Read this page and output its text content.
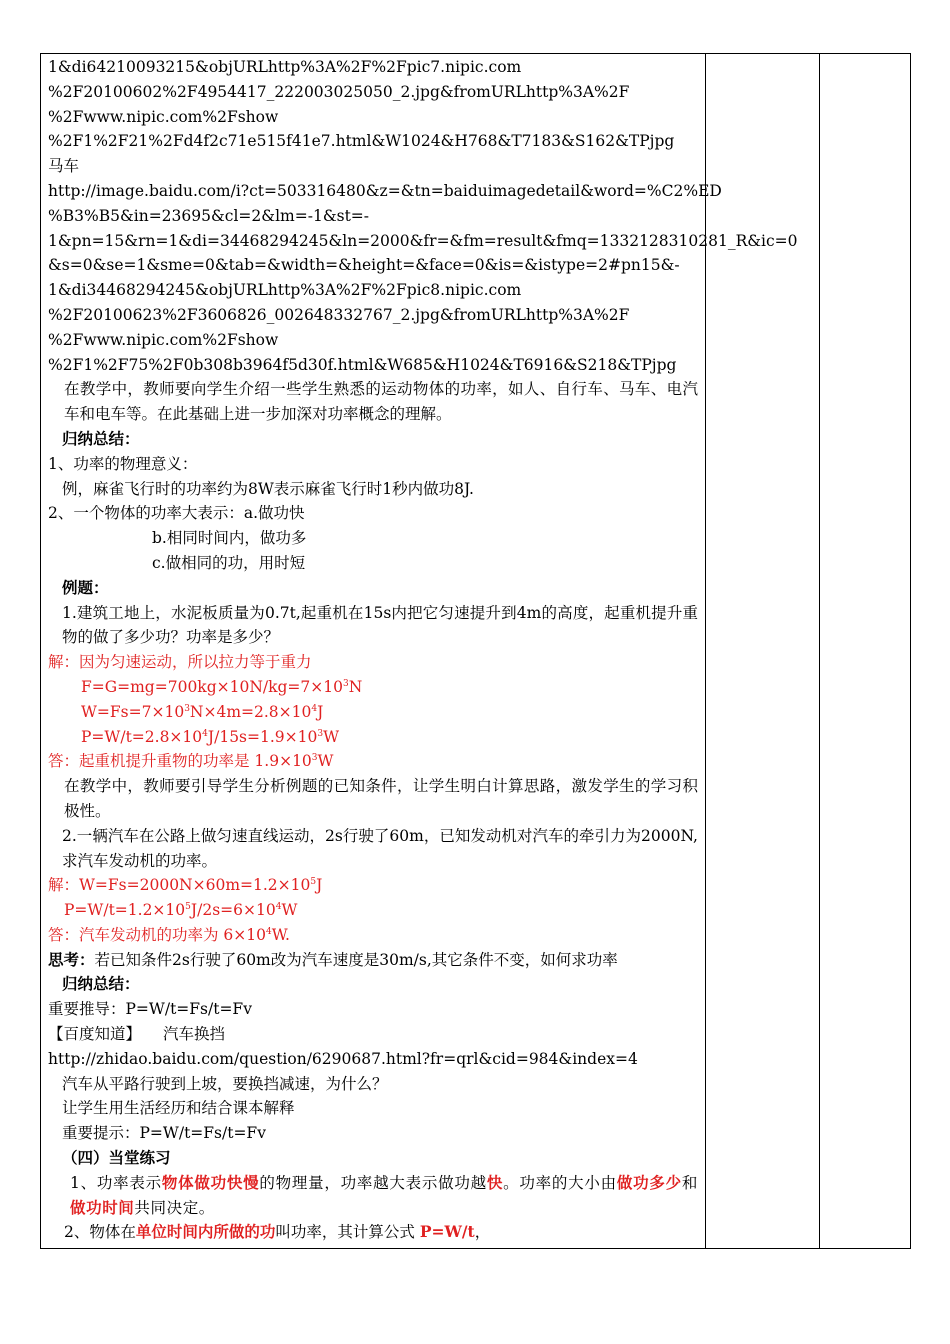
1&di64210093215&objURLhttp%3A%2F%2Fpic7.nipic.com
%2F20100602%2F4954417_222003025050_2.jpg&fromURLhttp%3A%2F
%2Fwww.nipic.com%2Fshow
%2F1%2F21%2Fd4f2c71e515f41e7.html&W1024&H768&T7183&S162&TPjpg
马车
http://image.baidu.com/i?ct=503316480&z=&tn=baiduimagedetail&word=%C2%ED
%B3%B5&in=23695&cl=2&lm=-1&st=-
1&pn=15&rn=1&di=34468294245&ln=2000&fr=&fm=result&fmq=1332128310281_R&ic=0
&s=0&se=1&sme=0&tab=&width=&height=&face=0&is=&istype=2#pn15&-
1&di34468294245&objURLhttp%3A%2F%2Fpic8.nipic.com
%2F20100623%2F3606826_002648332767_2.jpg&fromURLhttp%3A%2F
%2Fwww.nipic.com%2Fshow
%2F1%2F75%2F0b308b3964f5d30f.html&W685&H1024&T6916&S218&TPjpg
在教学中，教师要向学生介绍一些学生熟悉的运动物体的功率，如人、自行车、马车、电汽车和电车等。在此基础上进一步加深对功率概念的理解。
归纳总结：
1、功率的物理意义：
例，麻雀飞行时的功率约为8W表示麻雀飞行时1秒内做功8J.
2、一个物体的功率大表示：a.做功快
b.相同时间内，做功多
c.做相同的功，用时短
例题：
1.建筑工地上，水泥板质量为0.7t,起重机在15s内把它匀速提升到4m的高度，起重机提升重物的做了多少功？功率是多少？
解：因为匀速运动，所以拉力等于重力
$F=G=mg=700kg\times 10N/kg=7\times 10^3N$
$W=Fs=7\times 10^3N\times 4m=2.8\times 10^4J$
$P=W/t=2.8\times 10^4J/15s=1.9\times 10^3W$
答：起重机提升重物的功率是 $1.9\times 10^3W$
在教学中，教师要引导学生分析例题的已知条件，让学生明白计算思路，激发学生的学习积极性。
2.一辆汽车在公路上做匀速直线运动，2s行驶了60m，已知发动机对汽车的牵引力为2000N,求汽车发动机的功率。
解：$W=Fs=2000N\times 60m=1.2\times 10^5J$
$P=W/t=1.2\times 10^5J/2s=6\times 10^4W$
答：汽车发动机的功率为 $6\times 10^4W$.
思考：若已知条件2s行驶了60m改为汽车速度是30m/s,其它条件不变，如何求功率
归纳总结：
重要推导：P=W/t=Fs/t=Fv
【百度知道】 汽车换挡
http://zhidao.baidu.com/question/6290687.html?fr=qrl&cid=984&index=4
汽车从平路行驶到上坡，要换挡减速，为什么？
让学生用生活经历和结合课本解释
重要提示：P=W/t=Fs/t=Fv
（四）当堂练习
1、功率表示物体做功快慢的物理量，功率越大表示做功越快。功率的大小由做功多少和做功时间共同决定。
2、物体在单位时间内所做的功叫功率，其计算公式 P=W/t，
